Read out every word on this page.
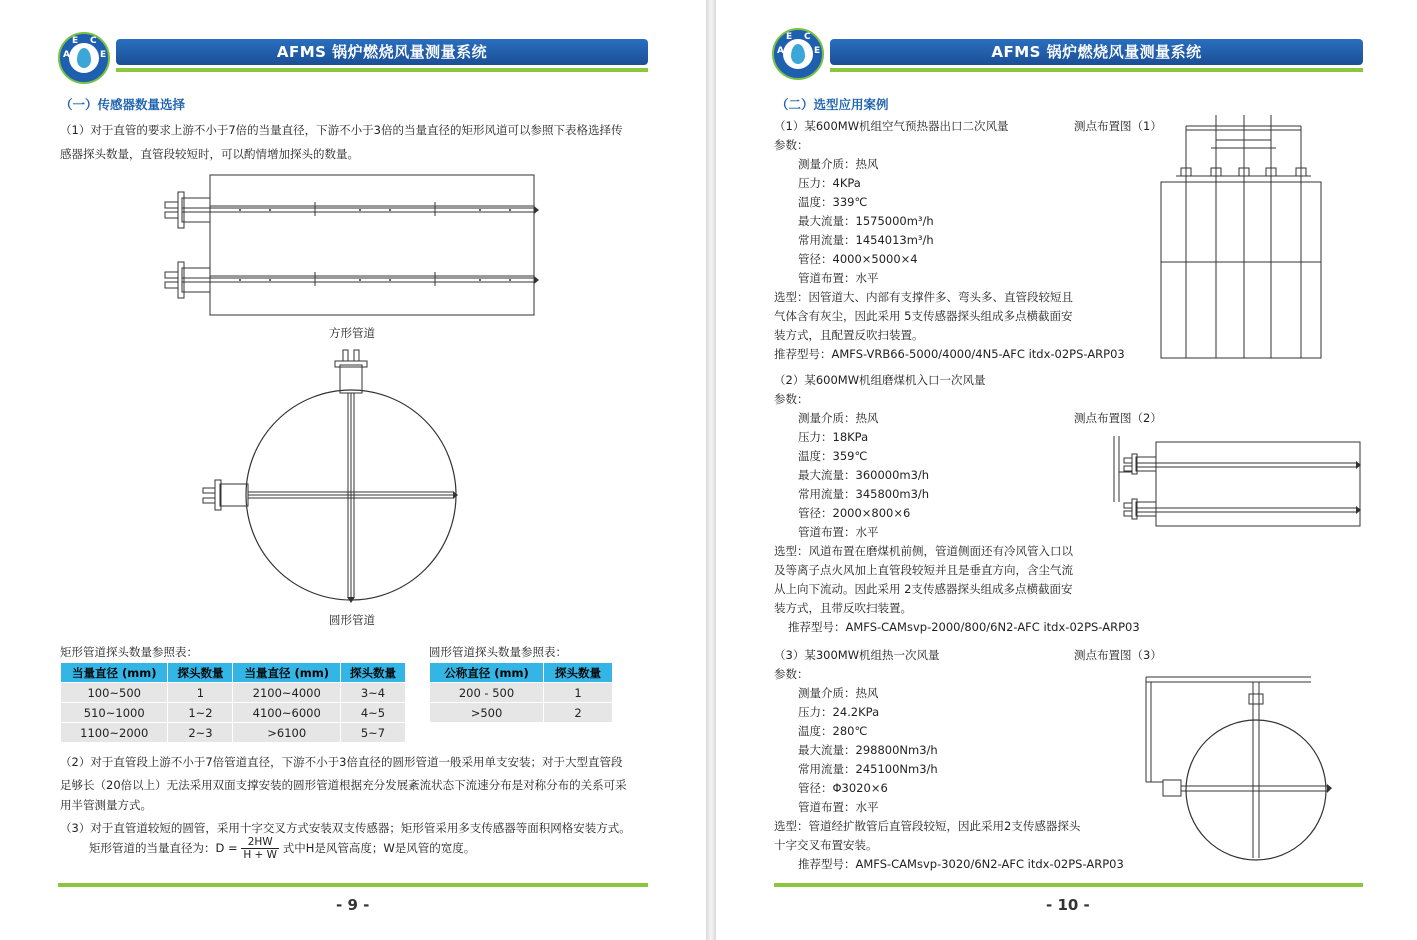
A
E C
E	AFMS 锅炉燃烧风量测量系统
（一）传感器数量选择
（1）对于直管的要求上游不小于7倍的当量直径，下游不小于3倍的当量直径的矩形风道可以参照下表格选择传
感器探头数量，直管段较短时，可以酌情增加探头的数量。
方形管道
圆形管道
矩形管道探头数量参照表：
当量直径 (mm)	探头数量	当量直径 (mm)	探头数量
100~500	1	2100~4000	3~4
510~1000	1~2	4100~6000	4~5
1100~2000	2~3	>6100	5~7
圆形管道探头数量参照表：
公称直径 (mm)	探头数量
200 - 500	1
>500	2
（2）对于直管段上游不小于7倍管道直径，下游不小于3倍直径的圆形管道一般采用单支安装；对于大型直管段
足够长（20倍以上）无法采用双面支撑安装的圆形管道根据充分发展紊流状态下流速分布是对称分布的关系可采
用半管测量方式。
（3）对于直管道较短的圆管，采用十字交叉方式安装双支传感器；矩形管采用多支传感器等面积网格安装方式。
矩形管道的当量直径为：$D = \frac{2HW}{H + W}$ 式中H是风管高度；W是风管的宽度。
- 9 -
A
E C
E	AFMS 锅炉燃烧风量测量系统
（二）选型应用案例
（1）某600MW机组空气预热器出口二次风量	测点布置图（1）
参数：
测量介质：热风
压力：4KPa
温度：339℃
最大流量：1575000m³/h
常用流量：1454013m³/h
管径：4000×5000×4
管道布置：水平
选型：因管道大、内部有支撑件多、弯头多、直管段较短且
气体含有灰尘，因此采用 5支传感器探头组成多点横截面安
装方式，且配置反吹扫装置。
推荐型号：AMFS-VRB66-5000/4000/4N5-AFC itdx-02PS-ARP03
（2）某600MW机组磨煤机入口一次风量
参数：
测点布置图（2）
测量介质：热风
压力：18KPa
温度：359℃
最大流量：360000m3/h
常用流量：345800m3/h
管径：2000×800×6
管道布置：水平
选型：风道布置在磨煤机前侧，管道侧面还有冷风管入口以
及等离子点火风加上直管段较短并且是垂直方向，含尘气流
从上向下流动。因此采用 2支传感器探头组成多点横截面安
装方式，且带反吹扫装置。
推荐型号：AMFS-CAMsvp-2000/800/6N2-AFC itdx-02PS-ARP03
（3）某300MW机组热一次风量	测点布置图（3）
参数：
测量介质：热风
压力：24.2KPa
温度：280℃
最大流量：298800Nm3/h
常用流量：245100Nm3/h
管径：Φ3020×6
管道布置：水平
选型：管道经扩散管后直管段较短，因此采用2支传感器探头
十字交叉布置安装。
推荐型号：AMFS-CAMsvp-3020/6N2-AFC itdx-02PS-ARP03
- 10 -
